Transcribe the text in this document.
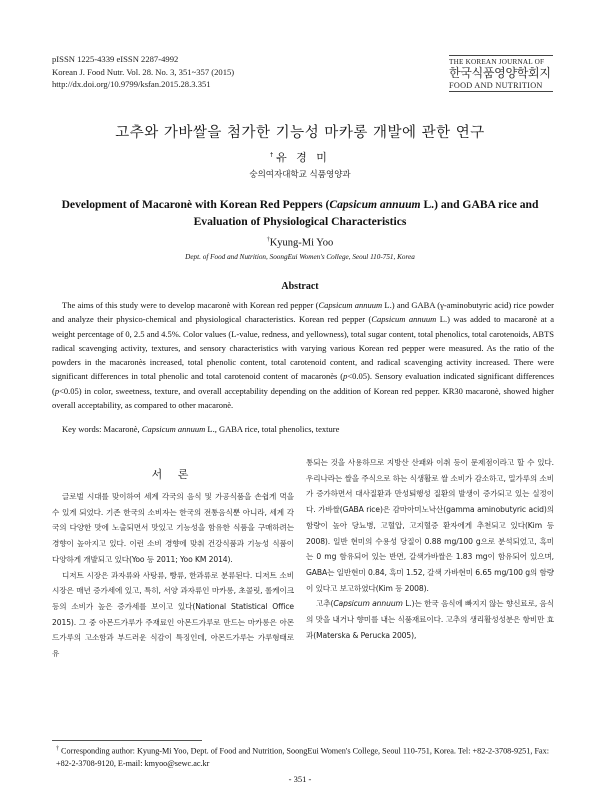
pISSN 1225-4339 eISSN 2287-4992
Korean J. Food Nutr. Vol. 28. No. 3, 351~357 (2015)
http://dx.doi.org/10.9799/ksfan.2015.28.3.351
THE KOREAN JOURNAL OF
한국식품영양학회지
FOOD AND NUTRITION
고추와 가바쌀을 첨가한 기능성 마카롱 개발에 관한 연구
†유 경 미
숭의여자대학교 식품영양과
Development of Macaronè with Korean Red Peppers (Capsicum annuum L.) and GABA rice and Evaluation of Physiological Characteristics
†Kyung-Mi Yoo
Dept. of Food and Nutrition, SoongEui Women's College, Seoul 110-751, Korea
Abstract
The aims of this study were to develop macaronè with Korean red pepper (Capsicum annuum L.) and GABA (γ-aminobutyric acid) rice powder and analyze their physico-chemical and physiological characteristics. Korean red pepper (Capsicum annuum L.) was added to macaronè at a weight percentage of 0, 2.5 and 4.5%. Color values (L-value, redness, and yellowness), total sugar content, total phenolics, total carotenoids, ABTS radical scavenging activity, textures, and sensory characteristics with varying various Korean red pepper were measured. As the ratio of the powders in the macaronès increased, total phenolic content, total carotenoid content, and radical scavenging activity increased. There were significant differences in total phenolic and total carotenoid content of macaronès (p<0.05). Sensory evaluation indicated significant differences (p<0.05) in color, sweetness, texture, and overall acceptability depending on the addition of Korean red pepper. KR30 macaronè, showed higher overall acceptability, as compared to other macaronè.
Key words: Macaronè, Capsicum annuum L., GABA rice, total phenolics, texture
서 론

글로벌 시대를 맞이하여 세계 각국의 음식 및 가공식품을 손쉽게 먹을 수 있게 되었다. 기존 한국의 소비자는 한국의 전통음식뿐 아니라, 세계 각국의 다양한 맛에 노출되면서 맛있고 기능성을 함유한 식품을 구매하려는 경향이 높아지고 있다. 이런 소비 경향에 맞춰 건강식품과 기능성 식품이 다양하게 개발되고 있다(Yoo 등 2011; Yoo KM 2014).

디저트 시장은 과자류와 사탕류, 빵류, 한과류로 분류된다. 디저트 소비시장은 매년 증가세에 있고, 특히, 서양 과자류인 마카롱, 초콜릿, 롤케이크 등의 소비가 높은 증가세를 보이고 있다(National Statistical Office 2015). 그 중 아몬드가루가 주재료인 아몬드가루로 만드는 마카롱은 아몬드가루의 고소함과 부드러운 식감이 특징인데, 아몬드가루는 가루형태로 유

통되는 것을 사용하므로 지방산 산패와 이취 등이 문제점이라고 할 수 있다. 우리나라는 쌀을 주식으로 하는 식생활로 쌀 소비가 감소하고, 밀가루의 소비가 증가하면서 대사질환과 만성퇴행성 질환의 발생이 증가되고 있는 실정이다. 가바쌀(GABA rice)은 감마아미노낙산(gamma aminobutyric acid)의 함량이 높아 당뇨병, 고혈압, 고지혈증 환자에게 추천되고 있다(Kim 등 2008). 일반 현미의 수용성 당질이 0.88 mg/100 g으로 분석되었고, 흑미는 0 mg 함유되어 있는 반면, 갈색가바쌀은 1.83 mg이 함유되어 있으며, GABA는 일반현미 0.84, 흑미 1.52, 갈색 가바현미 6.65 mg/100 g의 함량이 있다고 보고하였다(Kim 등 2008).

고추(Capsicum annuum L.)는 한국 음식에 빠지지 않는 향신료로, 음식의 맛을 내거나 향미를 내는 식품재료이다. 고추의 생리활성성분은 항비만 효과(Materska & Perucka 2005),

† Corresponding author: Kyung-Mi Yoo, Dept. of Food and Nutrition, SoongEui Women's College, Seoul 110-751, Korea. Tel: +82-2-3708-9251, Fax: +82-2-3708-9120, E-mail: kmyoo@sewc.ac.kr
- 351 -
